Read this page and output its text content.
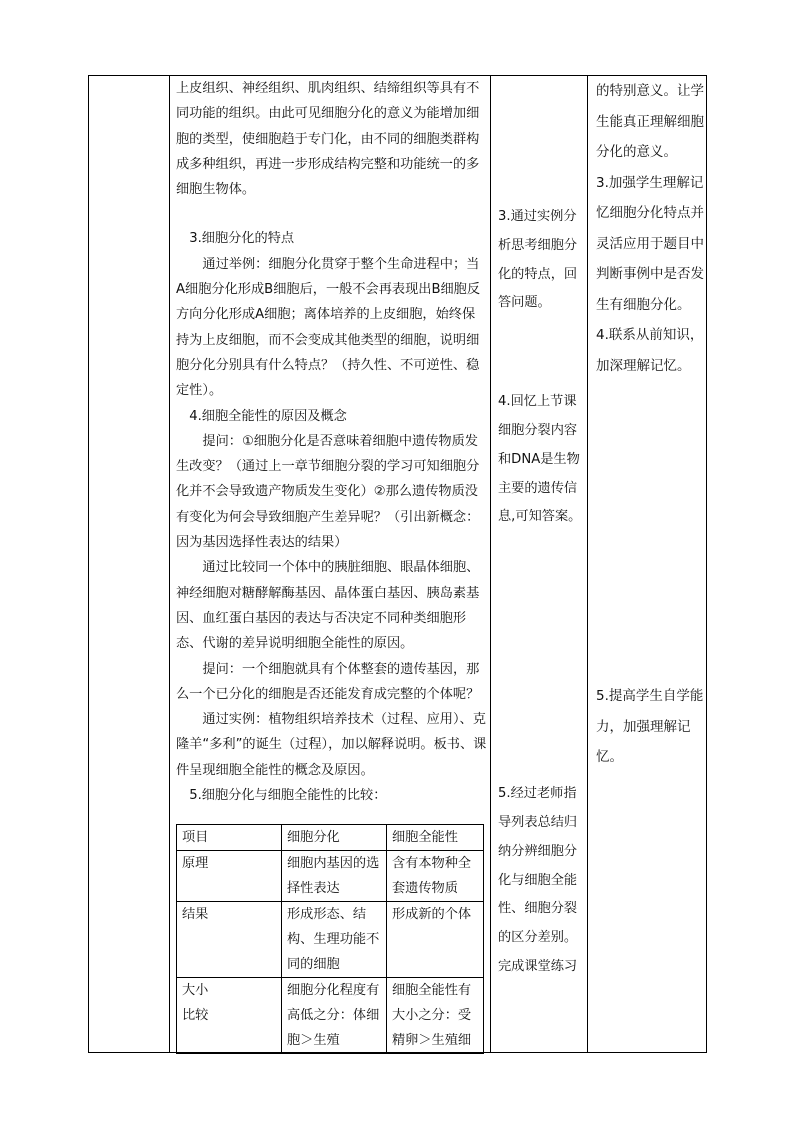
上皮组织、神经组织、肌肉组织、结缔组织等具有不同功能的组织。由此可见细胞分化的意义为能增加细胞的类型，使细胞趋于专门化，由不同的细胞类群构成多种组织，再进一步形成结构完整和功能统一的多细胞生物体。

3.细胞分化的特点

通过举例：细胞分化贯穿于整个生命进程中；当A细胞分化形成B细胞后，一般不会再表现出B细胞反方向分化形成A细胞；离体培养的上皮细胞，始终保持为上皮细胞，而不会变成其他类型的细胞，说明细胞分化分别具有什么特点？（持久性、不可逆性、稳定性）。

4.细胞全能性的原因及概念

提问：①细胞分化是否意味着细胞中遗传物质发生改变？（通过上一章节细胞分裂的学习可知细胞分化并不会导致遗产物质发生变化）②那么遗传物质没有变化为何会导致细胞产生差异呢？（引出新概念：因为基因选择性表达的结果）

通过比较同一个体中的胰脏细胞、眼晶体细胞、神经细胞对糖酵解酶基因、晶体蛋白基因、胰岛素基因、血红蛋白基因的表达与否决定不同种类细胞形态、代谢的差异说明细胞全能性的原因。

提问：一个细胞就具有个体整套的遗传基因，那么一个已分化的细胞是否还能发育成完整的个体呢？

通过实例：植物组织培养技术（过程、应用）、克隆羊“多利”的诞生（过程），加以解释说明。板书、课件呈现细胞全能性的概念及原因。

5.细胞分化与细胞全能性的比较：

项目	细胞分化	细胞全能性
原理	细胞内基因的选择性表达	含有本物种全套遗传物质
结果	形成形态、结构、生理功能不同的细胞	形成新的个体
大小
比较	细胞分化程度有高低之分：体细胞＞生殖	细胞全能性有大小之分：受精卵＞生殖细

3.通过实例分析思考细胞分化的特点，回答问题。

4.回忆上节课细胞分裂内容和DNA是生物主要的遗传信息,可知答案。

5.经过老师指导列表总结归纳分辨细胞分化与细胞全能性、细胞分裂的区分差别。

完成课堂练习

的特别意义。让学生能真正理解细胞分化的意义。

3.加强学生理解记忆细胞分化特点并灵活应用于题目中判断事例中是否发生有细胞分化。

4.联系从前知识，加深理解记忆。

5.提高学生自学能力，加强理解记忆。
